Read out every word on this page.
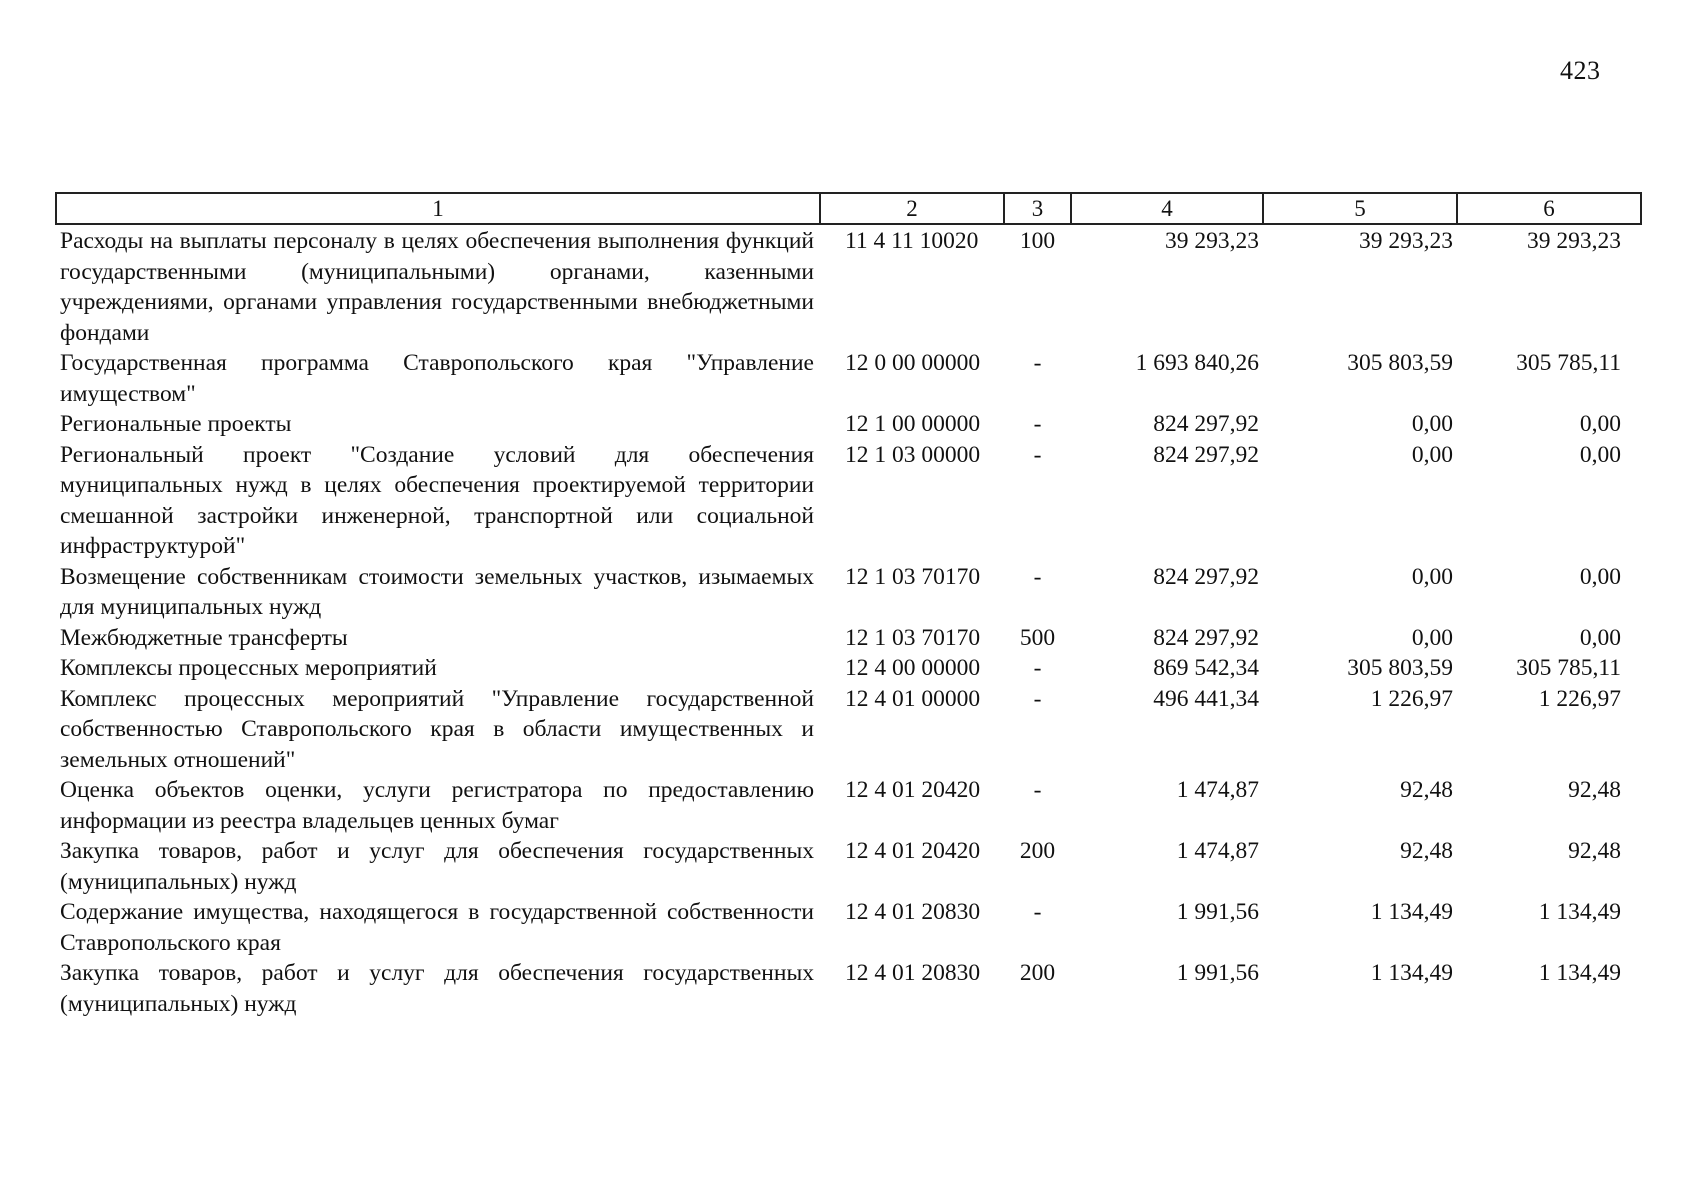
423
1	2	3	4	5	6
Расходы на выплаты персоналу в целях обеспечения выполнения функций государственными (муниципальными) органами, казенными учреждениями, органами управления государственными внебюджетными фондами	11 4 11 10020	100	39 293,23	39 293,23	39 293,23
Государственная программа Ставропольского края "Управление имуществом"	12 0 00 00000	-	1 693 840,26	305 803,59	305 785,11
Региональные проекты	12 1 00 00000	-	824 297,92	0,00	0,00
Региональный проект "Создание условий для обеспечения муниципальных нужд в целях обеспечения проектируемой территории смешанной застройки инженерной, транспортной или социальной инфраструктурой"	12 1 03 00000	-	824 297,92	0,00	0,00
Возмещение собственникам стоимости земельных участков, изымаемых для муниципальных нужд	12 1 03 70170	-	824 297,92	0,00	0,00
Межбюджетные трансферты	12 1 03 70170	500	824 297,92	0,00	0,00
Комплексы процессных мероприятий	12 4 00 00000	-	869 542,34	305 803,59	305 785,11
Комплекс процессных мероприятий "Управление государственной собственностью Ставропольского края в области имущественных и земельных отношений"	12 4 01 00000	-	496 441,34	1 226,97	1 226,97
Оценка объектов оценки, услуги регистратора по предоставлению информации из реестра владельцев ценных бумаг	12 4 01 20420	-	1 474,87	92,48	92,48
Закупка товаров, работ и услуг для обеспечения государственных (муниципальных) нужд	12 4 01 20420	200	1 474,87	92,48	92,48
Содержание имущества, находящегося в государственной собственности Ставропольского края	12 4 01 20830	-	1 991,56	1 134,49	1 134,49
Закупка товаров, работ и услуг для обеспечения государственных (муниципальных) нужд	12 4 01 20830	200	1 991,56	1 134,49	1 134,49
